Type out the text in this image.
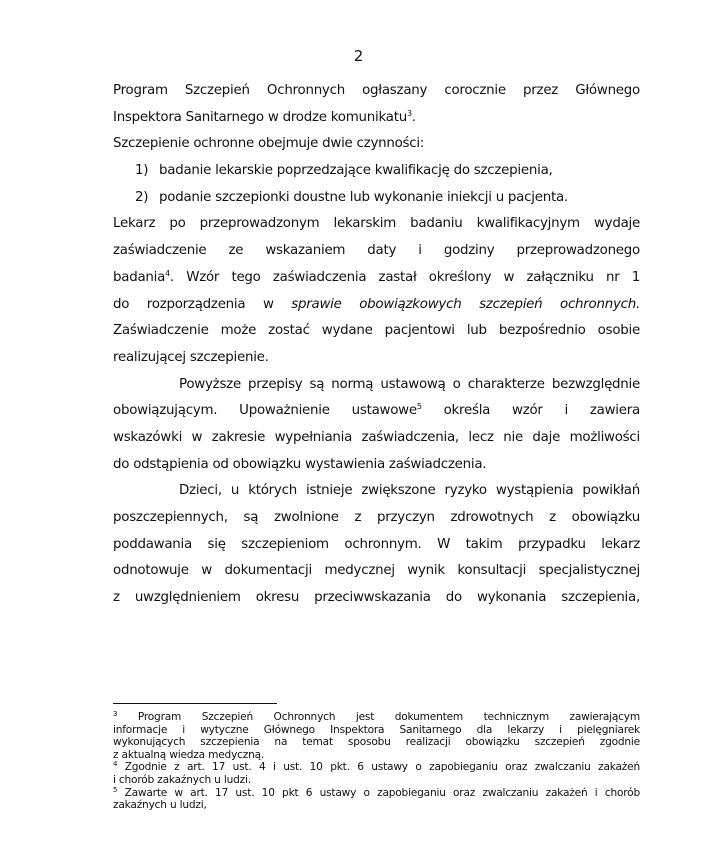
2
Program Szczepień Ochronnych ogłaszany corocznie przez Głównego
Inspektora Sanitarnego w drodze komunikatu$^3$.
Szczepienie ochronne obejmuje dwie czynności:
1) badanie lekarskie poprzedzające kwalifikację do szczepienia,
2) podanie szczepionki doustne lub wykonanie iniekcji u pacjenta.
Lekarz po przeprowadzonym lekarskim badaniu kwalifikacyjnym wydaje
zaświadczenie ze wskazaniem daty i godziny przeprowadzonego
badania$^4$. Wzór tego zaświadczenia zastał określony w załączniku nr 1
do rozporządzenia w sprawie obowiązkowych szczepień ochronnych.
Zaświadczenie może zostać wydane pacjentowi lub bezpośrednio osobie
realizującej szczepienie.
Powyższe przepisy są normą ustawową o charakterze bezwzględnie
obowiązującym. Upoważnienie ustawowe$^5$ określa wzór i zawiera
wskazówki w zakresie wypełniania zaświadczenia, lecz nie daje możliwości
do odstąpienia od obowiązku wystawienia zaświadczenia.
Dzieci, u których istnieje zwiększone ryzyko wystąpienia powikłań
poszczepiennych, są zwolnione z przyczyn zdrowotnych z obowiązku
poddawania się szczepieniom ochronnym. W takim przypadku lekarz
odnotowuje w dokumentacji medycznej wynik konsultacji specjalistycznej
z uwzględnieniem okresu przeciwwskazania do wykonania szczepienia,
$^3$ Program Szczepień Ochronnych jest dokumentem technicznym zawierającym
informacje i wytyczne Głównego Inspektora Sanitarnego dla lekarzy i pielęgniarek
wykonujących szczepienia na temat sposobu realizacji obowiązku szczepień zgodnie
z aktualną wiedza medyczną.
$^4$ Zgodnie z art. 17 ust. 4 i ust. 10 pkt. 6 ustawy o zapobieganiu oraz zwalczaniu zakażeń
i chorób zakaźnych u ludzi.
$^5$ Zawarte w art. 17 ust. 10 pkt 6 ustawy o zapobieganiu oraz zwalczaniu zakażeń i chorób
zakaźnych u ludzi,
